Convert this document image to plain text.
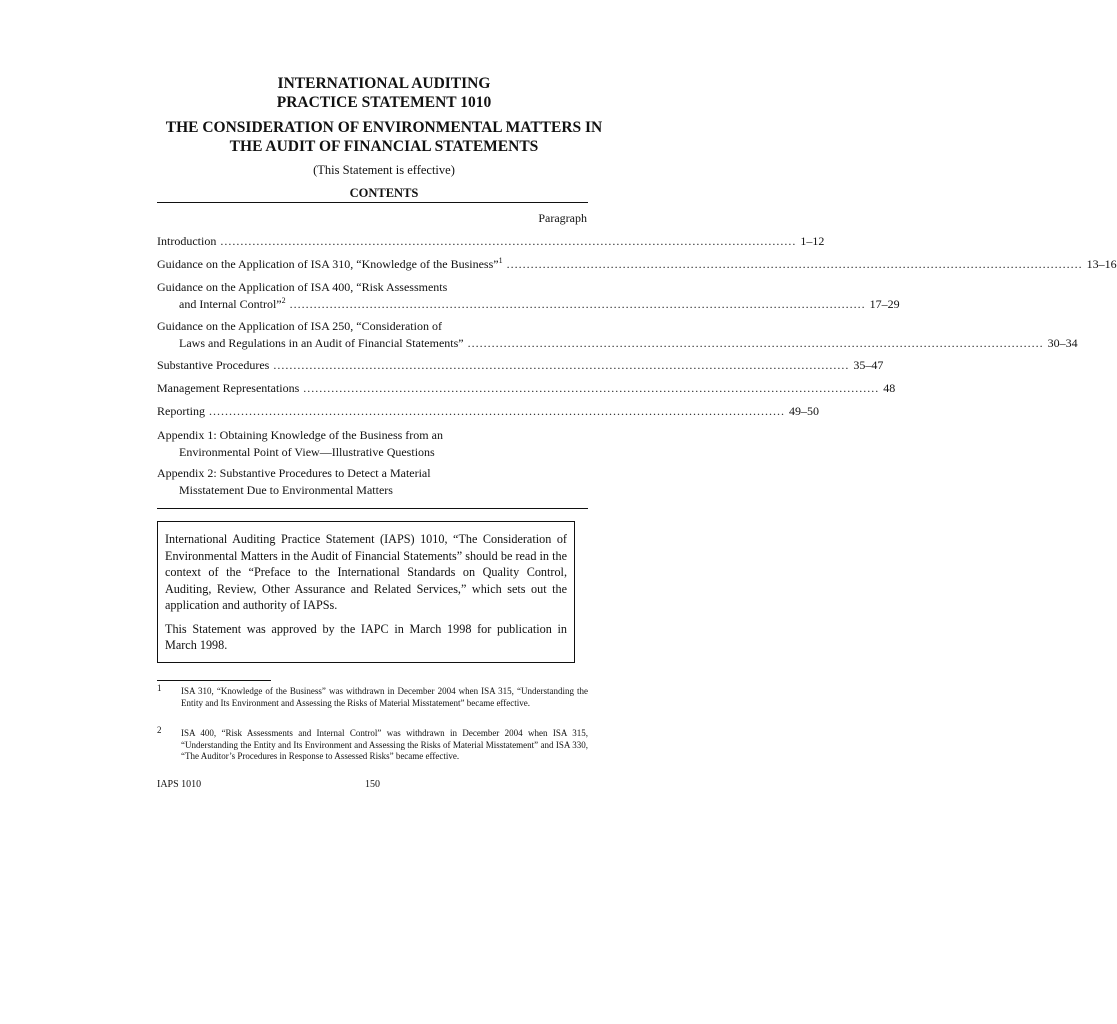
INTERNATIONAL AUDITING
PRACTICE STATEMENT 1010
THE CONSIDERATION OF ENVIRONMENTAL MATTERS IN
THE AUDIT OF FINANCIAL STATEMENTS
(This Statement is effective)
CONTENTS
Paragraph
Introduction ................................................................................................................................................ 1–12
Guidance on the Application of ISA 310, “Knowledge of the Business”$^1$ ................................................................................................................................................ 13–16
Guidance on the Application of ISA 400, “Risk Assessments
and Internal Control”$^2$ ................................................................................................................................................ 17–29
Guidance on the Application of ISA 250, “Consideration of
Laws and Regulations in an Audit of Financial Statements” ................................................................................................................................................ 30–34
Substantive Procedures ................................................................................................................................................ 35–47
Management Representations ................................................................................................................................................ 48
Reporting ................................................................................................................................................ 49–50
Appendix 1: Obtaining Knowledge of the Business from an
Environmental Point of View—Illustrative Questions
Appendix 2: Substantive Procedures to Detect a Material
Misstatement Due to Environmental Matters

International Auditing Practice Statement (IAPS) 1010, “The Consideration of Environmental Matters in the Audit of Financial Statements” should be read in the context of the “Preface to the International Standards on Quality Control, Auditing, Review, Other Assurance and Related Services,” which sets out the application and authority of IAPSs.

This Statement was approved by the IAPC in March 1998 for publication in March 1998.

1 ISA 310, “Knowledge of the Business” was withdrawn in December 2004 when ISA 315, “Understanding the Entity and Its Environment and Assessing the Risks of Material Misstatement” became effective.
2 ISA 400, “Risk Assessments and Internal Control” was withdrawn in December 2004 when ISA 315, “Understanding the Entity and Its Environment and Assessing the Risks of Material Misstatement” and ISA 330, “The Auditor’s Procedures in Response to Assessed Risks” became effective.
IAPS 1010	150
